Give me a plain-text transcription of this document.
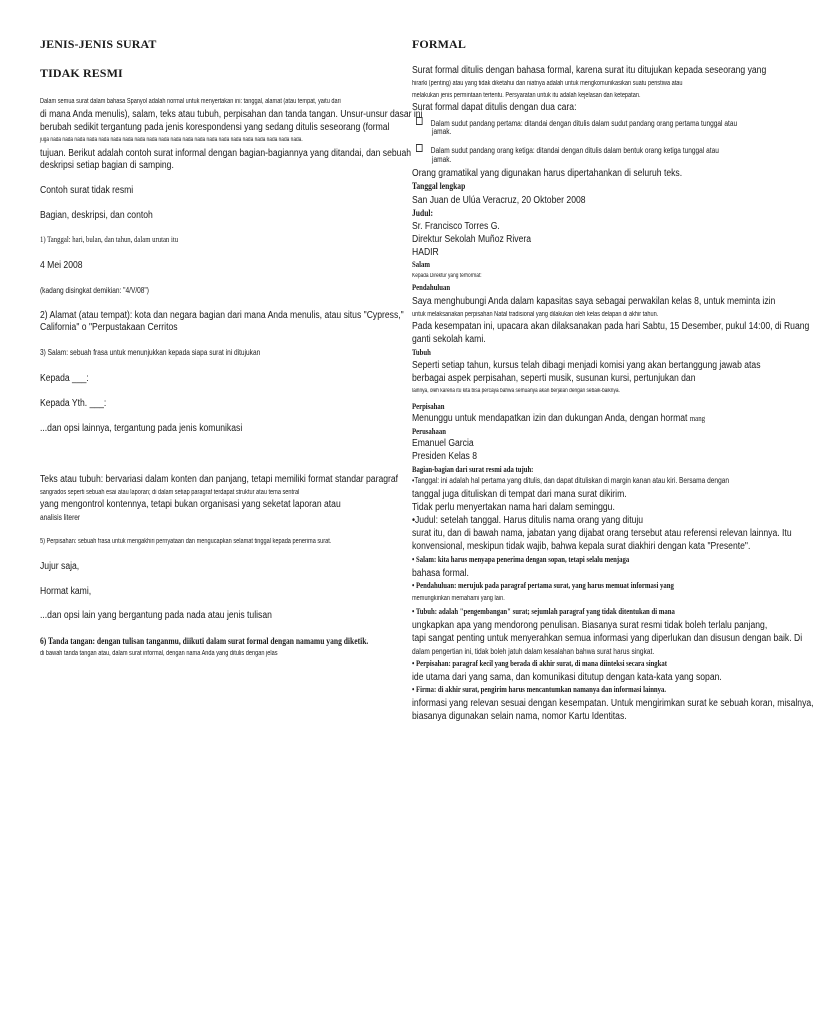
JENIS-JENIS SURAT
TIDAK RESMI
Dalam semua surat dalam bahasa Spanyol adalah normal untuk menyertakan ini: tanggal, alamat (atau tempat, yaitu dari
di mana Anda menulis), salam, teks atau tubuh, perpisahan dan tanda tangan. Unsur-unsur dasar ini
berubah sedikit tergantung pada jenis korespondensi yang sedang ditulis seseorang (formal
juga nada nada nada nada nada nada nada nada nada nada nada nada nada nada nada nada nada nada nada nada nada.
tujuan. Berikut adalah contoh surat informal dengan bagian-bagiannya yang ditandai, dan sebuah
deskripsi setiap bagian di samping.
Contoh surat tidak resmi
Bagian, deskripsi, dan contoh
1) Tanggal: hari, bulan, dan tahun, dalam urutan itu
4 Mei 2008
(kadang disingkat demikian: "4/V/08")
2) Alamat (atau tempat): kota dan negara bagian dari mana Anda menulis, atau situs "Cypress,"
California" o "Perpustakaan Cerritos
3) Salam: sebuah frasa untuk menunjukkan kepada siapa surat ini ditujukan
Kepada ___:
Kepada Yth. ___:
...dan opsi lainnya, tergantung pada jenis komunikasi
Teks atau tubuh: bervariasi dalam konten dan panjang, tetapi memiliki format standar paragraf
sangrados seperti sebuah esai atau laporan; di dalam setiap paragraf terdapat struktur atau tema sentral
yang mengontrol kontennya, tetapi bukan organisasi yang seketat laporan atau
analisis literer
5) Perpisahan: sebuah frasa untuk mengakhiri pernyataan dan mengucapkan selamat tinggal kepada penerima surat.
Jujur saja,
Hormat kami,
...dan opsi lain yang bergantung pada nada atau jenis tulisan
6) Tanda tangan: dengan tulisan tanganmu, diikuti dalam surat formal dengan namamu yang diketik.
di bawah tanda tangan atau, dalam surat informal, dengan nama Anda yang ditulis dengan jelas
FORMAL
Surat formal ditulis dengan bahasa formal, karena surat itu ditujukan kepada seseorang yang
hirarki (penting) atau yang tidak diketahui dan niatnya adalah untuk mengkomunikasikan suatu peristiwa atau
melakukan jenis permintaan tertentu. Persyaratan untuk itu adalah kejelasan dan ketepatan.
Surat formal dapat ditulis dengan dua cara:
Dalam sudut pandang pertama: ditandai dengan ditulis dalam sudut pandang orang pertama tunggal atau
jamak.
Dalam sudut pandang orang ketiga: ditandai dengan ditulis dalam bentuk orang ketiga tunggal atau
jamak.
Orang gramatikal yang digunakan harus dipertahankan di seluruh teks.
Tanggal lengkap
San Juan de Ulúa Veracruz, 20 Oktober 2008
Judul:
Sr. Francisco Torres G.
Direktur Sekolah Muñoz Rivera
HADIR
Salam
Kepada Direktur yang terhormat:
Pendahuluan
Saya menghubungi Anda dalam kapasitas saya sebagai perwakilan kelas 8, untuk meminta izin
untuk melaksanakan perpisahan Natal tradisional yang dilakukan oleh kelas delapan di akhir tahun.
Pada kesempatan ini, upacara akan dilaksanakan pada hari Sabtu, 15 Desember, pukul 14:00, di Ruang
ganti sekolah kami.
Tubuh
Seperti setiap tahun, kursus telah dibagi menjadi komisi yang akan bertanggung jawab atas
berbagai aspek perpisahan, seperti musik, susunan kursi, pertunjukan dan
lainnya, oleh karena itu kita bisa percaya bahwa semuanya akan berjalan dengan sebaik-baiknya.
Perpisahan
Menunggu untuk mendapatkan izin dan dukungan Anda, dengan hormat mang
Perusahaan
Emanuel Garcia
Presiden Kelas 8
Bagian-bagian dari surat resmi ada tujuh:
•Tanggal: ini adalah hal pertama yang ditulis, dan dapat dituliskan di margin kanan atau kiri. Bersama dengan
tanggal juga dituliskan di tempat dari mana surat dikirim.
Tidak perlu menyertakan nama hari dalam seminggu.
•Judul: setelah tanggal. Harus ditulis nama orang yang dituju
surat itu, dan di bawah nama, jabatan yang dijabat orang tersebut atau referensi relevan lainnya. Itu
konvensional, meskipun tidak wajib, bahwa kepala surat diakhiri dengan kata "Presente".
• Salam: kita harus menyapa penerima dengan sopan, tetapi selalu menjaga
bahasa formal.
• Pendahuluan: merujuk pada paragraf pertama surat, yang harus memuat informasi yang
memungkinkan memahami yang lain.
• Tubuh: adalah "pengembangan" surat; sejumlah paragraf yang tidak ditentukan di mana
ungkapkan apa yang mendorong penulisan. Biasanya surat resmi tidak boleh terlalu panjang,
tapi sangat penting untuk menyerahkan semua informasi yang diperlukan dan disusun dengan baik. Di
dalam pengertian ini, tidak boleh jatuh dalam kesalahan bahwa surat harus singkat.
• Perpisahan: paragraf kecil yang berada di akhir surat, di mana diinteksi secara singkat
ide utama dari yang sama, dan komunikasi ditutup dengan kata-kata yang sopan.
• Firma: di akhir surat, pengirim harus mencantumkan namanya dan informasi lainnya.
informasi yang relevan sesuai dengan kesempatan. Untuk mengirimkan surat ke sebuah koran, misalnya,
biasanya digunakan selain nama, nomor Kartu Identitas.
